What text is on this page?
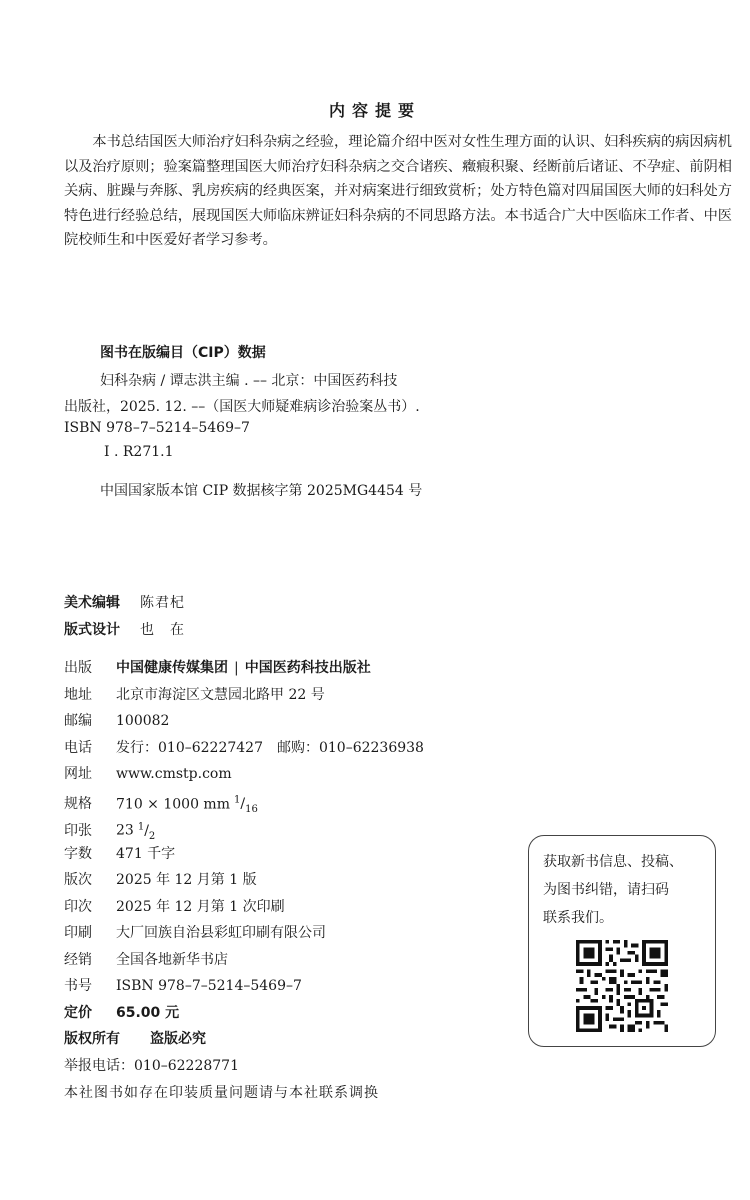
内容提要

本书总结国医大师治疗妇科杂病之经验，理论篇介绍中医对女性生理方面的认识、妇科疾病的病因病机以及治疗原则；验案篇整理国医大师治疗妇科杂病之交合诸疾、癥瘕积聚、经断前后诸证、不孕症、前阴相关病、脏躁与奔豚、乳房疾病的经典医案，并对病案进行细致赏析；处方特色篇对四届国医大师的妇科处方特色进行经验总结，展现国医大师临床辨证妇科杂病的不同思路方法。本书适合广大中医临床工作者、中医院校师生和中医爱好者学习参考。

图书在版编目（CIP）数据
妇科杂病 / 谭志洪主编 . –– 北京：中国医药科技
出版社，2025. 12. ––（国医大师疑难病诊治验案丛书）.
ISBN 978–7–5214–5469–7
Ⅰ . R271.1
中国国家版本馆 CIP 数据核字第 2025MG4454 号
美术编辑 陈君杞
版式设计 也　在
出版 中国健康传媒集团 | 中国医药科技出版社
地址 北京市海淀区文慧园北路甲 22 号
邮编 100082
电话 发行：010–62227427　邮购：010–62236938
网址 www.cmstp.com
规格 710 × 1000 mm $^1/_{16}$
印张 23 $^1/_2$
字数 471 千字
版次 2025 年 12 月第 1 版
印次 2025 年 12 月第 1 次印刷
印刷 大厂回族自治县彩虹印刷有限公司
经销 全国各地新华书店
书号 ISBN 978–7–5214–5469–7
定价 65.00 元
版权所有 盗版必究
举报电话：010–62228771
本社图书如存在印装质量问题请与本社联系调换
获取新书信息、投稿、
为图书纠错，请扫码
联系我们。
